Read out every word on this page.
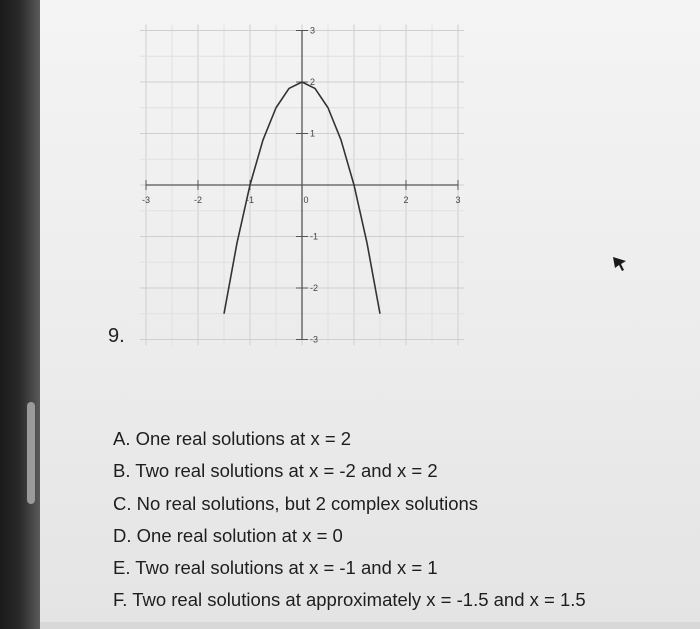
-3	-2	-1	0	2	3
3
2
1
-1
-2
-3
9.
A. One real solutions at x = 2
B. Two real solutions at x = -2 and x = 2
C. No real solutions, but 2 complex solutions
D. One real solution at x = 0
E. Two real solutions at x = -1 and x = 1
F. Two real solutions at approximately x = -1.5 and x = 1.5
